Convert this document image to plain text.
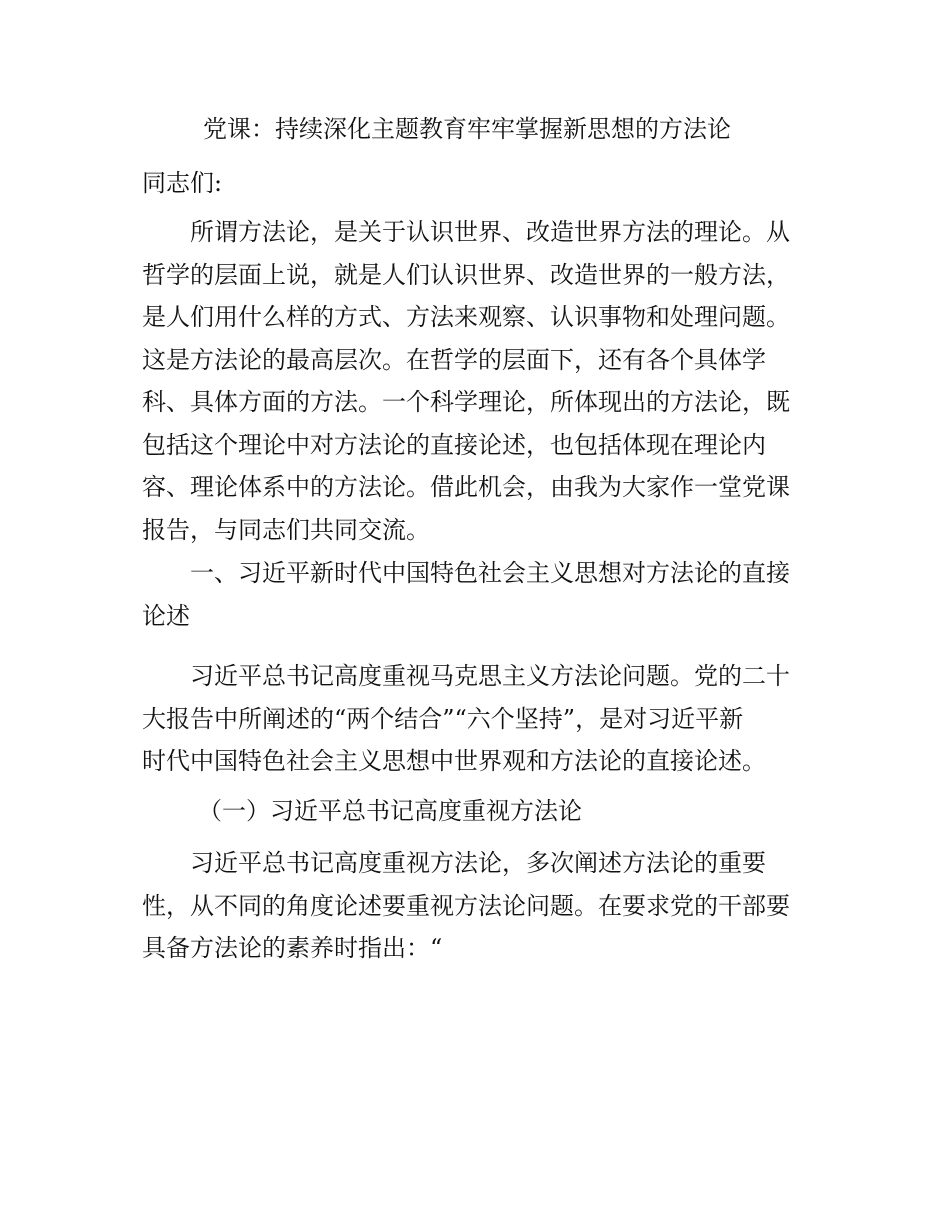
党课：持续深化主题教育牢牢掌握新思想的方法论
同志们:
所谓方法论，是关于认识世界、改造世界方法的理论。从
哲学的层面上说，就是人们认识世界、改造世界的一般方法，
是人们用什么样的方式、方法来观察、认识事物和处理问题。
这是方法论的最高层次。在哲学的层面下，还有各个具体学
科、具体方面的方法。一个科学理论，所体现出的方法论，既
包括这个理论中对方法论的直接论述，也包括体现在理论内
容、理论体系中的方法论。借此机会，由我为大家作一堂党课
报告，与同志们共同交流。
一、习近平新时代中国特色社会主义思想对方法论的直接
论述
习近平总书记高度重视马克思主义方法论问题。党的二十
大报告中所阐述的“两个结合”“六个坚持”，是对习近平新
时代中国特色社会主义思想中世界观和方法论的直接论述。
（一）习近平总书记高度重视方法论
习近平总书记高度重视方法论，多次阐述方法论的重要
性，从不同的角度论述要重视方法论问题。在要求党的干部要
具备方法论的素养时指出：“
